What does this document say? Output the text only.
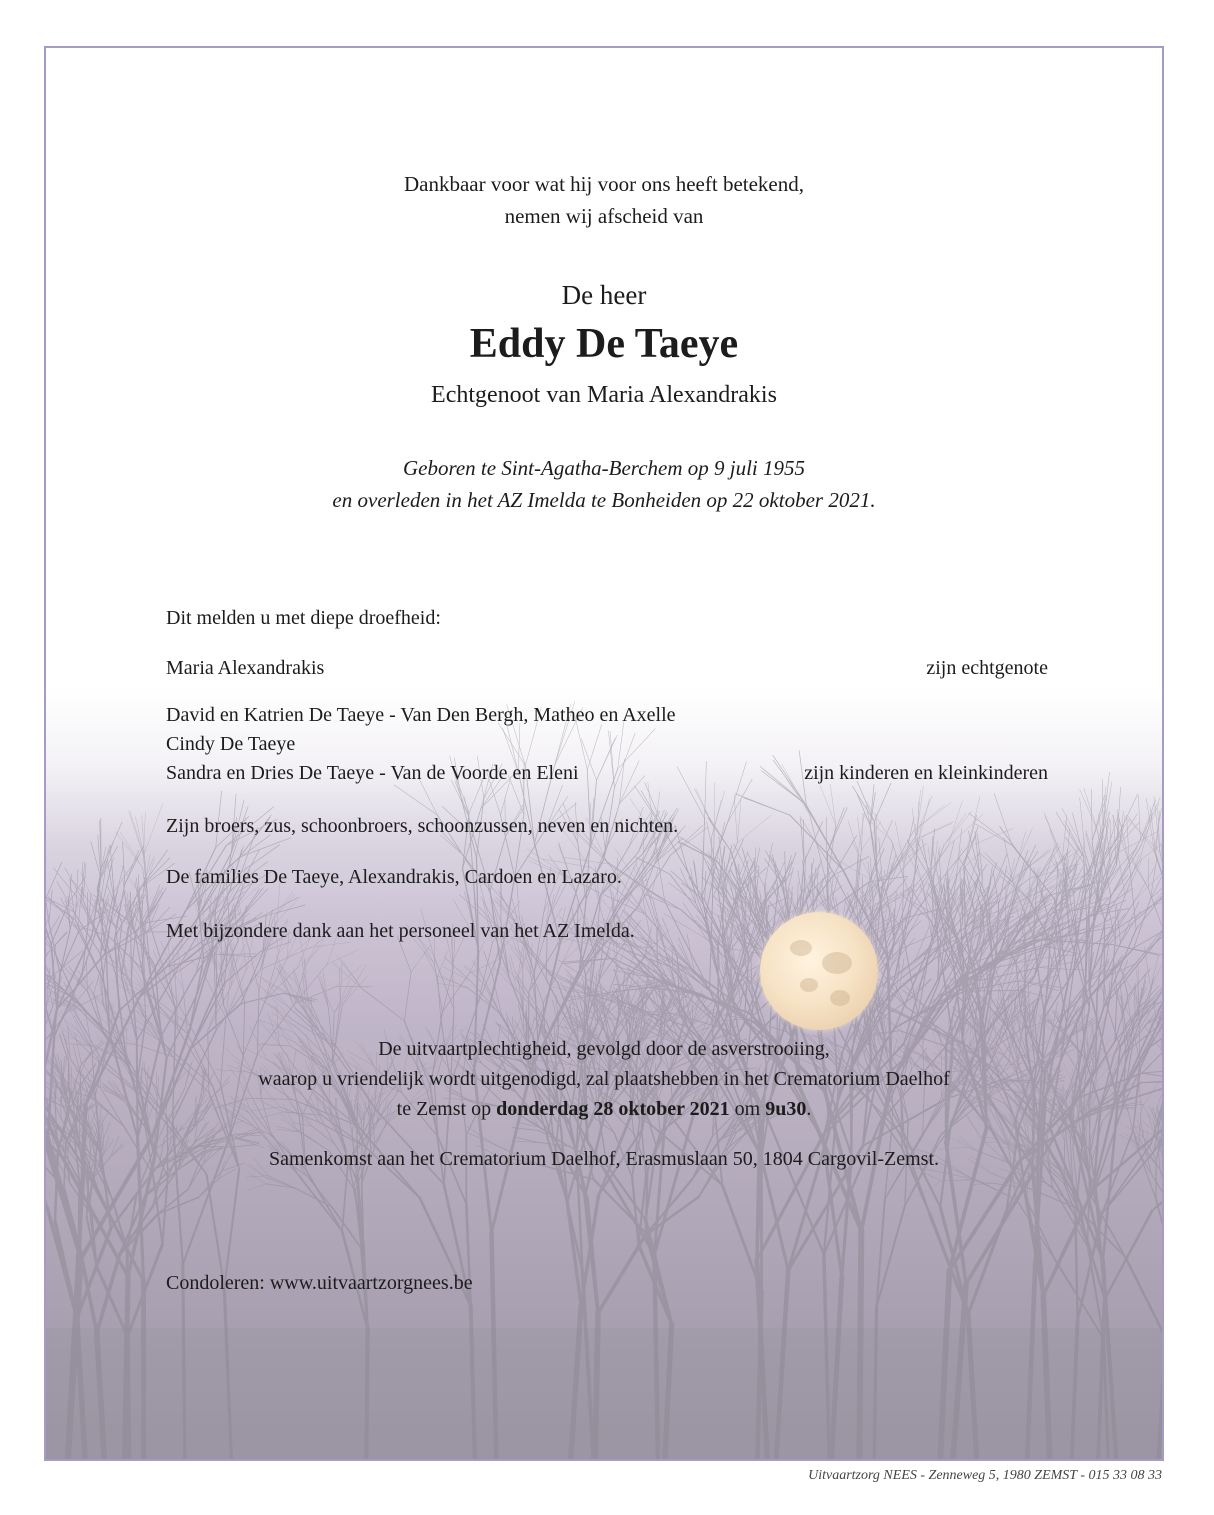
Dankbaar voor wat hij voor ons heeft betekend,
nemen wij afscheid van
De heer
Eddy De Taeye
Echtgenoot van Maria Alexandrakis
Geboren te Sint-Agatha-Berchem op 9 juli 1955
en overleden in het AZ Imelda te Bonheiden op 22 oktober 2021.
Dit melden u met diepe droefheid:
Maria Alexandrakis	zijn echtgenote
David en Katrien De Taeye - Van Den Bergh, Matheo en Axelle
Cindy De Taeye
Sandra en Dries De Taeye - Van de Voorde en Eleni	zijn kinderen en kleinkinderen
Zijn broers, zus, schoonbroers, schoonzussen, neven en nichten.
De families De Taeye, Alexandrakis, Cardoen en Lazaro.
Met bijzondere dank aan het personeel van het AZ Imelda.
De uitvaartplechtigheid, gevolgd door de asverstrooiing,
waarop u vriendelijk wordt uitgenodigd, zal plaatshebben in het Crematorium Daelhof
te Zemst op donderdag 28 oktober 2021 om 9u30.
Samenkomst aan het Crematorium Daelhof, Erasmuslaan 50, 1804 Cargovil-Zemst.
Condoleren: www.uitvaartzorgnees.be
Uitvaartzorg NEES - Zenneweg 5, 1980 ZEMST - 015 33 08 33
